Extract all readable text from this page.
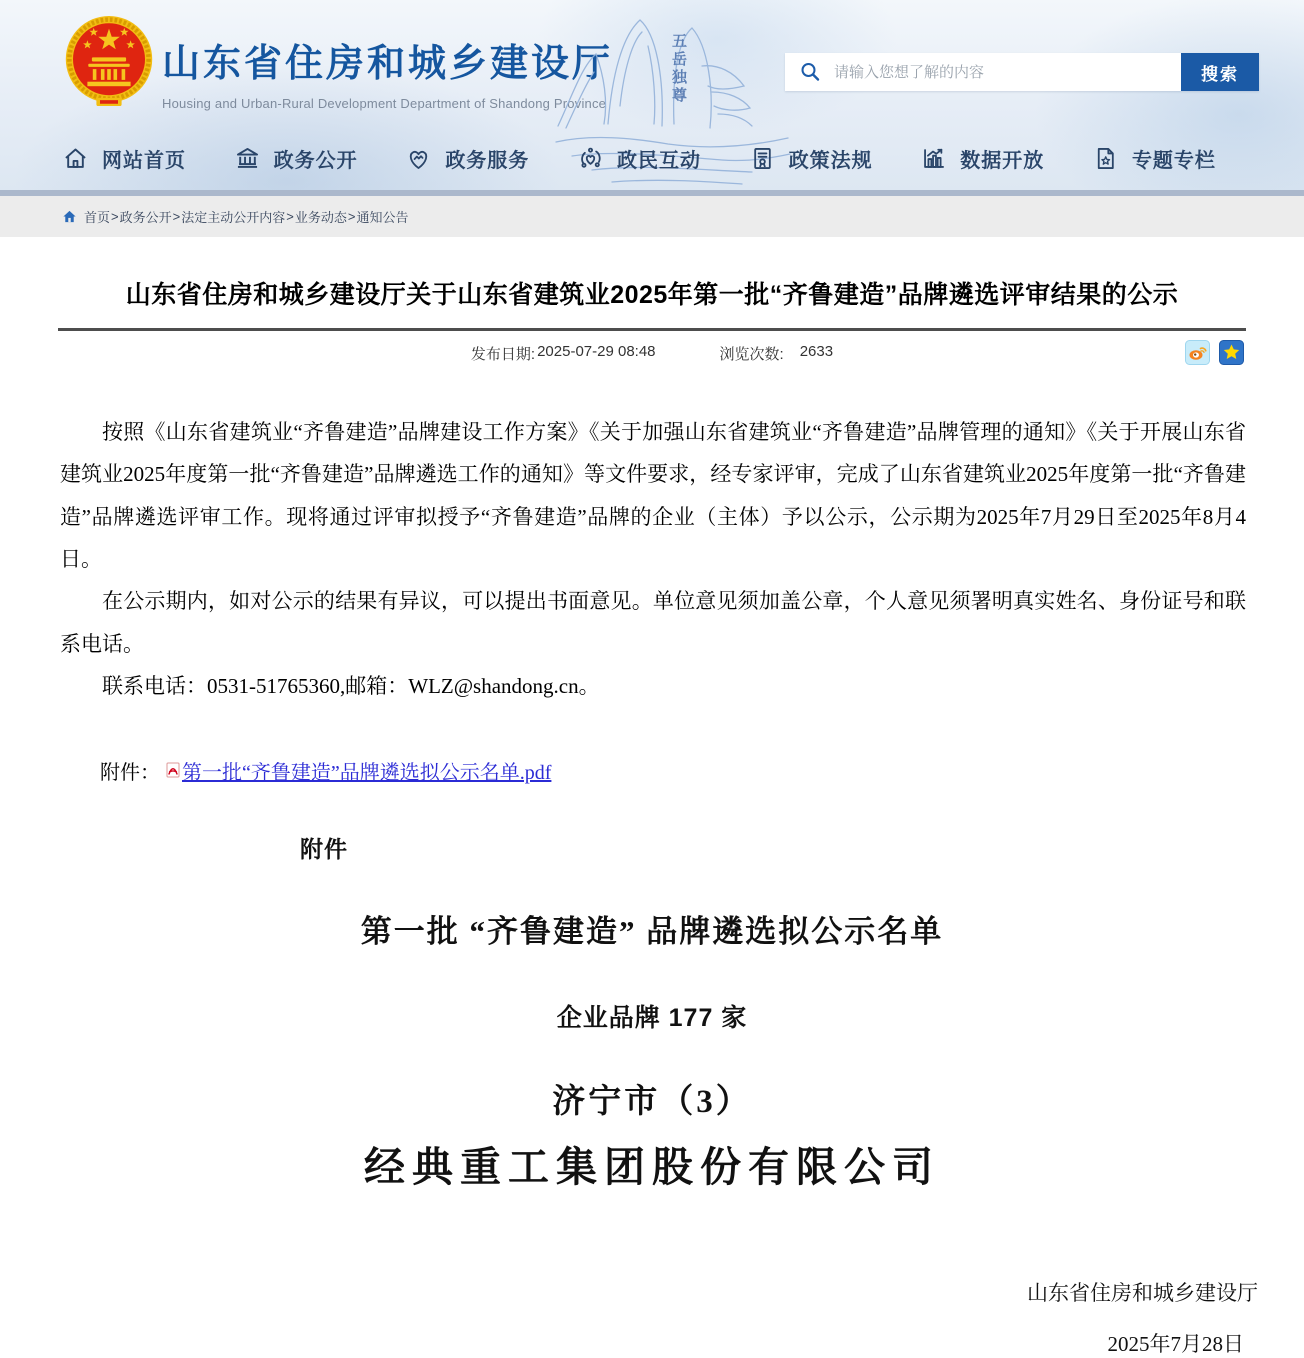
山东省住房和城乡建设厅
Housing and Urban-Rural Development Department of Shandong Province
五岳独尊
请输入您想了解的内容
搜索
网站首页	政务公开	政务服务	政民互动	政策法规	数据开放	专题专栏
首页 > 政务公开 > 法定主动公开内容 > 业务动态 > 通知公告
山东省住房和城乡建设厅关于山东省建筑业2025年第一批“齐鲁建造”品牌遴选评审结果的公示
发布日期: 2025-07-29 08:48	浏览次数: 2633

按照《山东省建筑业“齐鲁建造”品牌建设工作方案》《关于加强山东省建筑业“齐鲁建造”品牌管理的通知》《关于开展山东省建筑业2025年度第一批“齐鲁建造”品牌遴选工作的通知》等文件要求，经专家评审，完成了山东省建筑业2025年度第一批“齐鲁建造”品牌遴选评审工作。现将通过评审拟授予“齐鲁建造”品牌的企业（主体）予以公示，公示期为2025年7月29日至2025年8月4日。

在公示期内，如对公示的结果有异议，可以提出书面意见。单位意见须加盖公章，个人意见须署明真实姓名、身份证号和联系电话。

联系电话：0531-51765360,邮箱：WLZ@shandong.cn。

附件： 第一批“齐鲁建造”品牌遴选拟公示名单.pdf
附件
第一批 “齐鲁建造” 品牌遴选拟公示名单
企业品牌 177 家
济宁市（3）
经典重工集团股份有限公司
山东省住房和城乡建设厅
2025年7月28日
